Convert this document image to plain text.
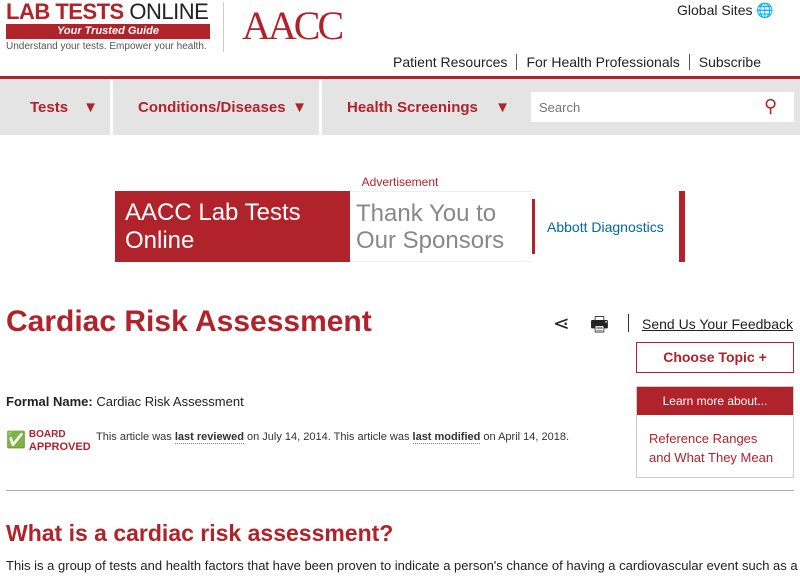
LAB TESTS ONLINE
Your Trusted Guide
Understand your tests. Empower your health. AACC	Global Sites 🌐
Patient Resources	For Health Professionals	Subscribe
Tests ▼	Conditions/Diseases ▼	Health Screenings ▼
Search	⚲
Advertisement
AACC Lab Tests Online
Thank You to Our Sponsors
Abbott Diagnostics
Cardiac Risk Assessment	⋖ 🖶 Send Us Your Feedback
Choose Topic +
Learn more about...
Reference Ranges and What They Mean
Formal Name: Cardiac Risk Assessment
✅ BOARD
APPROVED
This article was last reviewed on July 14, 2014. This article was last modified on April 14, 2018.
What is a cardiac risk assessment?
This is a group of tests and health factors that have been proven to indicate a person's chance of having a cardiovascular event such as a
